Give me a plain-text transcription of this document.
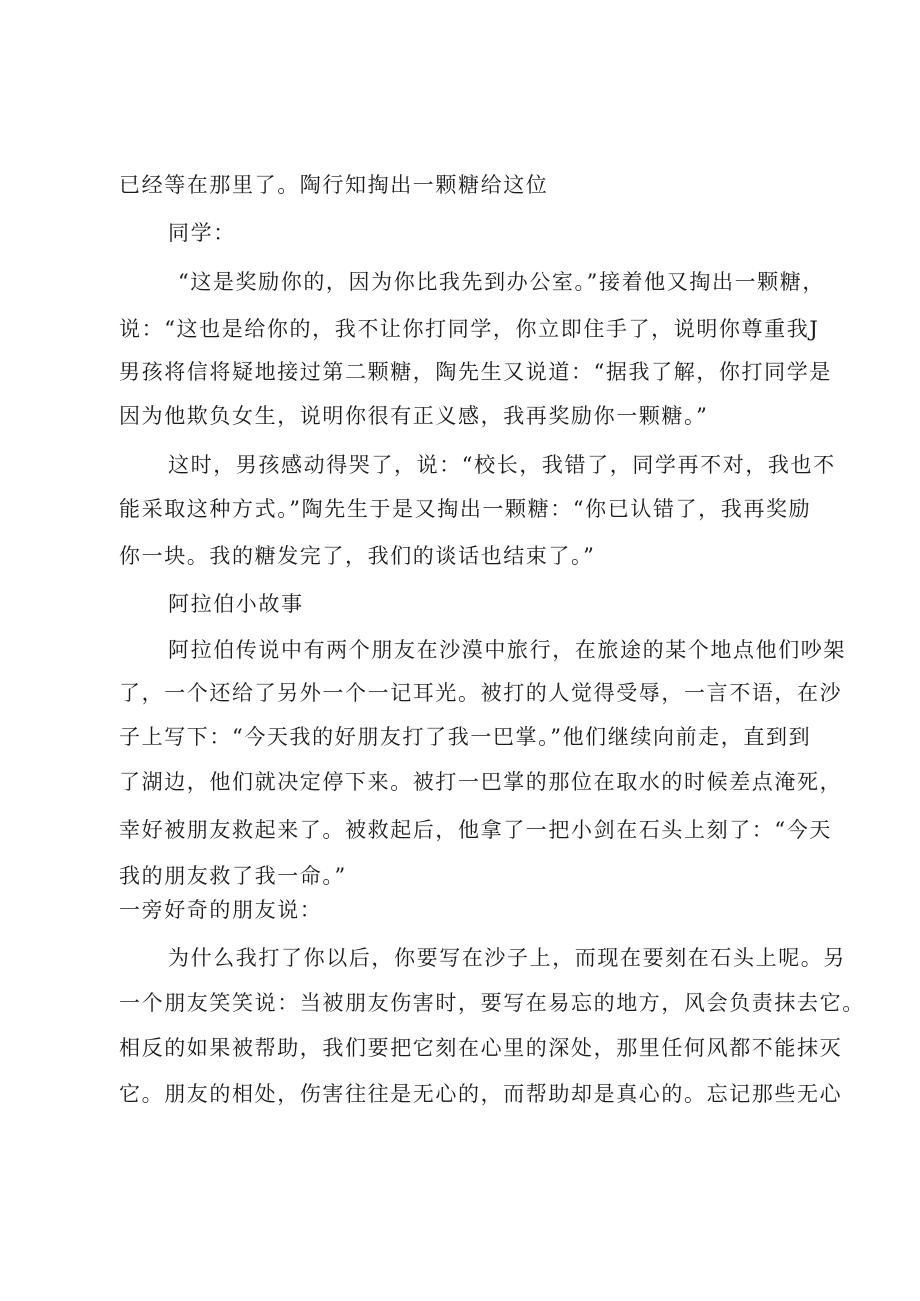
已经等在那里了。陶行知掏出一颗糖给这位
同学：
“这是奖励你的，因为你比我先到办公室。”接着他又掏出一颗糖，
说：“这也是给你的，我不让你打同学，你立即住手了，说明你尊重我J
男孩将信将疑地接过第二颗糖，陶先生又说道：“据我了解，你打同学是
因为他欺负女生，说明你很有正义感，我再奖励你一颗糖。”
这时，男孩感动得哭了，说：“校长，我错了，同学再不对，我也不
能采取这种方式。”陶先生于是又掏出一颗糖：“你已认错了，我再奖励
你一块。我的糖发完了，我们的谈话也结束了。”
阿拉伯小故事
阿拉伯传说中有两个朋友在沙漠中旅行，在旅途的某个地点他们吵架
了，一个还给了另外一个一记耳光。被打的人觉得受辱，一言不语，在沙
子上写下：“今天我的好朋友打了我一巴掌。”他们继续向前走，直到到
了湖边，他们就决定停下来。被打一巴掌的那位在取水的时候差点淹死，
幸好被朋友救起来了。被救起后，他拿了一把小剑在石头上刻了：“今天
我的朋友救了我一命。”
一旁好奇的朋友说：
为什么我打了你以后，你要写在沙子上，而现在要刻在石头上呢。另
一个朋友笑笑说：当被朋友伤害时，要写在易忘的地方，风会负责抹去它。
相反的如果被帮助，我们要把它刻在心里的深处，那里任何风都不能抹灭
它。朋友的相处，伤害往往是无心的，而帮助却是真心的。忘记那些无心
